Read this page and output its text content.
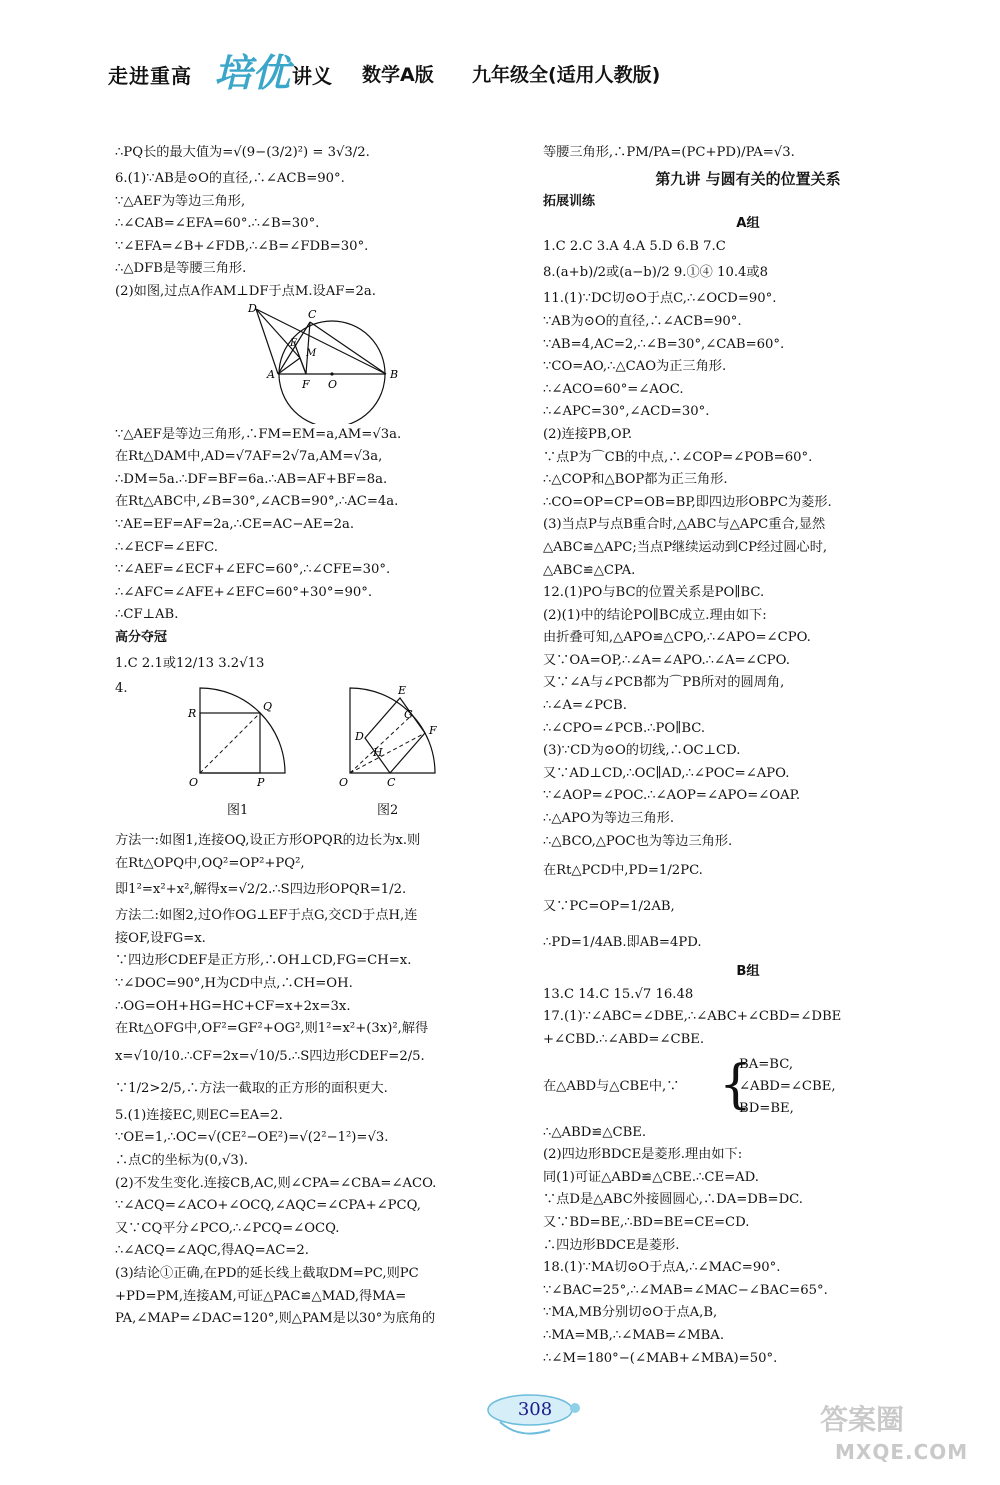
走进重高 培优 讲义 数学A版 九年级全(适用人教版)
∴PQ长的最大值为=√(9−(3/2)²) = 3√3/2.
6.(1)∵AB是⊙O的直径,∴∠ACB=90°.
∵△AEF为等边三角形,
∴∠CAB=∠EFA=60°.∴∠B=30°.
∵∠EFA=∠B+∠FDB,∴∠B=∠FDB=30°.
∴△DFB是等腰三角形.
(2)如图,过点A作AM⊥DF于点M.设AF=2a.
D	C
E
M
A
F O
B
∵△AEF是等边三角形,∴FM=EM=a,AM=√3a.
在Rt△DAM中,AD=√7AF=2√7a,AM=√3a,
∴DM=5a.∴DF=BF=6a.∴AB=AF+BF=8a.
在Rt△ABC中,∠B=30°,∠ACB=90°,∴AC=4a.
∵AE=EF=AF=2a,∴CE=AC−AE=2a.
∴∠ECF=∠EFC.
∵∠AEF=∠ECF+∠EFC=60°,∴∠CFE=30°.
∴∠AFC=∠AFE+∠EFC=60°+30°=90°.
∴CF⊥AB.
高分夺冠
1.C 2.1或12/13 3.2√13
4.
R
Q
O	P
图1
E
G
D	F
H
O	C
图2
方法一:如图1,连接OQ,设正方形OPQR的边长为x.则
在Rt△OPQ中,OQ²=OP²+PQ²,
即1²=x²+x²,解得x=√2/2.∴S四边形OPQR=1/2.
方法二:如图2,过O作OG⊥EF于点G,交CD于点H,连
接OF,设FG=x.
∵四边形CDEF是正方形,∴OH⊥CD,FG=CH=x.
∵∠DOC=90°,H为CD中点,∴CH=OH.
∴OG=OH+HG=HC+CF=x+2x=3x.
在Rt△OFG中,OF²=GF²+OG²,则1²=x²+(3x)²,解得
x=√10/10.∴CF=2x=√10/5.∴S四边形CDEF=2/5.
∵1/2>2/5,∴方法一截取的正方形的面积更大.
5.(1)连接EC,则EC=EA=2.
∵OE=1,∴OC=√(CE²−OE²)=√(2²−1²)=√3.
∴点C的坐标为(0,√3).
(2)不发生变化.连接CB,AC,则∠CPA=∠CBA=∠ACO.
∵∠ACQ=∠ACO+∠OCQ,∠AQC=∠CPA+∠PCQ,
又∵CQ平分∠PCO,∴∠PCQ=∠OCQ.
∴∠ACQ=∠AQC,得AQ=AC=2.
(3)结论①正确,在PD的延长线上截取DM=PC,则PC
+PD=PM,连接AM,可证△PAC≌△MAD,得MA=
PA,∠MAP=∠DAC=120°,则△PAM是以30°为底角的
等腰三角形,∴PM/PA=(PC+PD)/PA=√3.
第九讲 与圆有关的位置关系
拓展训练
A组
1.C 2.C 3.A 4.A 5.D 6.B 7.C
8.(a+b)/2或(a−b)/2 9.①④ 10.4或8
11.(1)∵DC切⊙O于点C,∴∠OCD=90°.
∵AB为⊙O的直径,∴∠ACB=90°.
∵AB=4,AC=2,∴∠B=30°,∠CAB=60°.
∵CO=AO,∴△CAO为正三角形.
∴∠ACO=60°=∠AOC.
∴∠APC=30°,∠ACD=30°.
(2)连接PB,OP.
∵点P为⌒CB的中点,∴∠COP=∠POB=60°.
∴△COP和△BOP都为正三角形.
∴CO=OP=CP=OB=BP,即四边形OBPC为菱形.
(3)当点P与点B重合时,△ABC与△APC重合,显然
△ABC≌△APC;当点P继续运动到CP经过圆心时,
△ABC≌△CPA.
12.(1)PO与BC的位置关系是PO∥BC.
(2)(1)中的结论PO∥BC成立.理由如下:
由折叠可知,△APO≌△CPO,∴∠APO=∠CPO.
又∵OA=OP,∴∠A=∠APO.∴∠A=∠CPO.
又∵∠A与∠PCB都为⌒PB所对的圆周角,
∴∠A=∠PCB.
∴∠CPO=∠PCB.∴PO∥BC.
(3)∵CD为⊙O的切线,∴OC⊥CD.
又∵AD⊥CD,∴OC∥AD,∴∠POC=∠APO.
∵∠AOP=∠POC.∴∠AOP=∠APO=∠OAP.
∴△APO为等边三角形.
∴△BCO,△POC也为等边三角形.
在Rt△PCD中,PD=1/2PC.
又∵PC=OP=1/2AB,
∴PD=1/4AB.即AB=4PD.
B组
13.C 14.C 15.√7 16.48
17.(1)∵∠ABC=∠DBE,∴∠ABC+∠CBD=∠DBE
+∠CBD.∴∠ABD=∠CBE.
在△ABD与△CBE中,∵ {
BA=BC,
∠ABD=∠CBE,
BD=BE,
∴△ABD≌△CBE.
(2)四边形BDCE是菱形.理由如下:
同(1)可证△ABD≌△CBE.∴CE=AD.
∵点D是△ABC外接圆圆心,∴DA=DB=DC.
又∵BD=BE,∴BD=BE=CE=CD.
∴四边形BDCE是菱形.
18.(1)∵MA切⊙O于点A,∴∠MAC=90°.
∵∠BAC=25°,∴∠MAB=∠MAC−∠BAC=65°.
∵MA,MB分别切⊙O于点A,B,
∴MA=MB,∴∠MAB=∠MBA.
∴∠M=180°−(∠MAB+∠MBA)=50°.
308	答案圈
MXQE.COM
